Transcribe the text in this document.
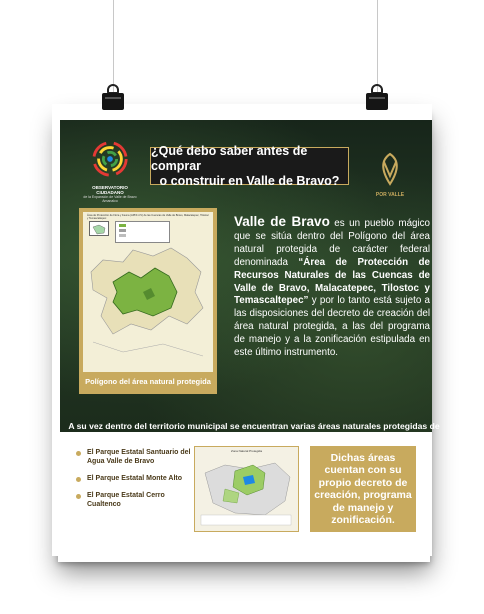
OBSERVATORIO CIUDADANO
de la Expansión de Valle de Bravo Amanalco
¿Qué debo saber antes de comprar
o construir en Valle de Bravo?
POR VALLE
Área de Protección de Flora y Fauna (APFF-CV) de las Cuencas de Valle de Bravo, Malacatepec, Tilostoc y Temascaltepec
Polígono del área natural protegida
Valle de Bravo es un pueblo mágico que se sitúa dentro del Polígono del área natural protegida de carácter federal denominada “Área de Protección de Recursos Naturales de las Cuencas de Valle de Bravo, Malacatepec, Tilostoc y Temascaltepec” y por lo tanto está sujeto a las disposiciones del decreto de creación del área natural protegida, a las del programa de manejo y a la zonificación estipulada en este último instrumento.
A su vez dentro del territorio municipal se encuentran varias áreas naturales protegidas de carácter estatal, como son entre otras, las siguientes:
El Parque Estatal Santuario del Agua Valle de Bravo
El Parque Estatal Monte Alto
El Parque Estatal Cerro Cualtenco
Zona Natural Protegida
Dichas áreas cuentan con su propio decreto de creación, programa de manejo y zonificación.
